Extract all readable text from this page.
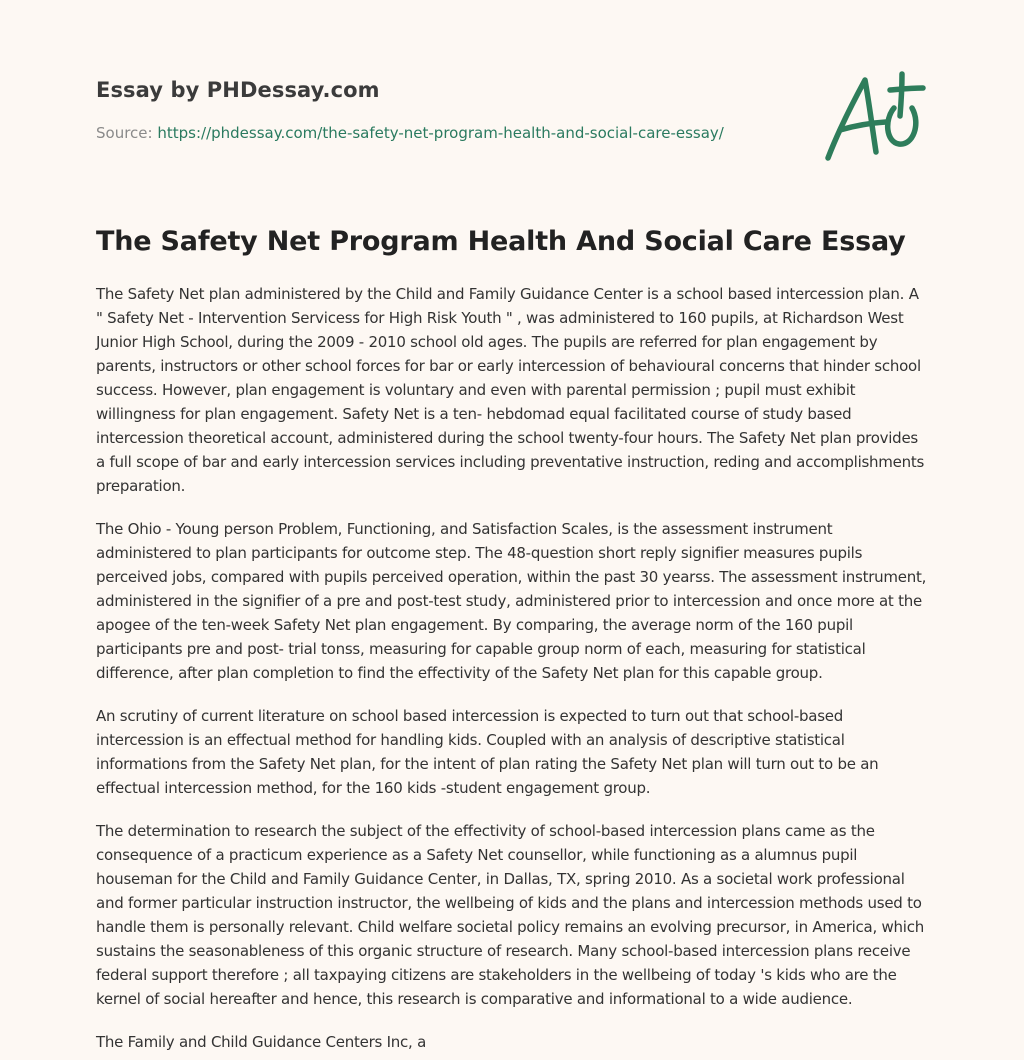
Essay by PHDessay.com
Source: https://phdessay.com/the-safety-net-program-health-and-social-care-essay/
The Safety Net Program Health And Social Care Essay

The Safety Net plan administered by the Child and Family Guidance Center is a school based intercession plan. A " Safety Net - Intervention Servicess for High Risk Youth " , was administered to 160 pupils, at Richardson West Junior High School, during the 2009 - 2010 school old ages. The pupils are referred for plan engagement by parents, instructors or other school forces for bar or early intercession of behavioural concerns that hinder school success. However, plan engagement is voluntary and even with parental permission ; pupil must exhibit willingness for plan engagement. Safety Net is a ten- hebdomad equal facilitated course of study based intercession theoretical account, administered during the school twenty-four hours. The Safety Net plan provides a full scope of bar and early intercession services including preventative instruction, reding and accomplishments preparation.

The Ohio - Young person Problem, Functioning, and Satisfaction Scales, is the assessment instrument administered to plan participants for outcome step. The 48-question short reply signifier measures pupils perceived jobs, compared with pupils perceived operation, within the past 30 yearss. The assessment instrument, administered in the signifier of a pre and post-test study, administered prior to intercession and once more at the apogee of the ten-week Safety Net plan engagement. By comparing, the average norm of the 160 pupil participants pre and post- trial tonss, measuring for capable group norm of each, measuring for statistical difference, after plan completion to find the effectivity of the Safety Net plan for this capable group.

An scrutiny of current literature on school based intercession is expected to turn out that school-based intercession is an effectual method for handling kids. Coupled with an analysis of descriptive statistical informations from the Safety Net plan, for the intent of plan rating the Safety Net plan will turn out to be an effectual intercession method, for the 160 kids -student engagement group.

The determination to research the subject of the effectivity of school-based intercession plans came as the consequence of a practicum experience as a Safety Net counsellor, while functioning as a alumnus pupil houseman for the Child and Family Guidance Center, in Dallas, TX, spring 2010. As a societal work professional and former particular instruction instructor, the wellbeing of kids and the plans and intercession methods used to handle them is personally relevant. Child welfare societal policy remains an evolving precursor, in America, which sustains the seasonableness of this organic structure of research. Many school-based intercession plans receive federal support therefore ; all taxpaying citizens are stakeholders in the wellbeing of today 's kids who are the kernel of social hereafter and hence, this research is comparative and informational to a wide audience.

The Family and Child Guidance Centers Inc, a
